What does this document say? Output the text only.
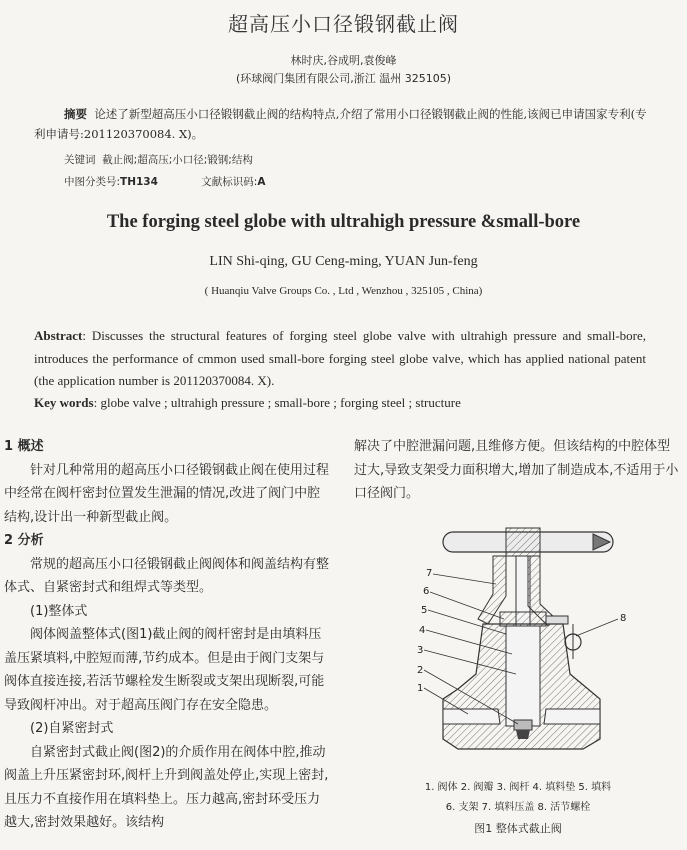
超高压小口径锻钢截止阀
林时庆,谷成明,袁俊峰
(环球阀门集团有限公司,浙江 温州 325105)
摘要 论述了新型超高压小口径锻钢截止阀的结构特点,介绍了常用小口径锻钢截止阀的性能,该阀已申请国家专利(专利申请号:201120370084. X)。
关键词 截止阀;超高压;小口径;锻钢;结构
中图分类号:TH134	文献标识码:A
The forging steel globe with ultrahigh pressure &small-bore
LIN Shi-qing, GU Ceng-ming, YUAN Jun-feng
( Huanqiu Valve Groups Co. , Ltd , Wenzhou , 325105 , China)
Abstract: Discusses the structural features of forging steel globe valve with ultrahigh pressure and small-bore, introduces the performance of cmmon used small-bore forging steel globe valve, which has applied national patent (the application number is 201120370084. X).
Key words: globe valve ; ultrahigh pressure ; small-bore ; forging steel ; structure

1 概述

针对几种常用的超高压小口径锻钢截止阀在使用过程中经常在阀杆密封位置发生泄漏的情况,改进了阀门中腔结构,设计出一种新型截止阀。

2 分析

常规的超高压小口径锻钢截止阀阀体和阀盖结构有整体式、自紧密封式和组焊式等类型。

(1)整体式

阀体阀盖整体式(图1)截止阀的阀杆密封是由填料压盖压紧填料,中腔短而薄,节约成本。但是由于阀门支架与阀体直接连接,若活节螺栓发生断裂或支架出现断裂,可能导致阀杆冲出。对于超高压阀门存在安全隐患。

(2)自紧密封式

自紧密封式截止阀(图2)的介质作用在阀体中腔,推动阀盖上升压紧密封环,阀杆上升到阀盖处停止,实现上密封,且压力不直接作用在填料垫上。压力越高,密封环受压力越大,密封效果越好。该结构

解决了中腔泄漏问题,且维修方便。但该结构的中腔体型过大,导致支架受力面积增大,增加了制造成本,不适用于小口径阀门。

7
6
5
4
3
2
1
8
1. 阀体 2. 阀瓣 3. 阀杆 4. 填料垫 5. 填料
6. 支架 7. 填料压盖 8. 活节螺栓
图1 整体式截止阀
